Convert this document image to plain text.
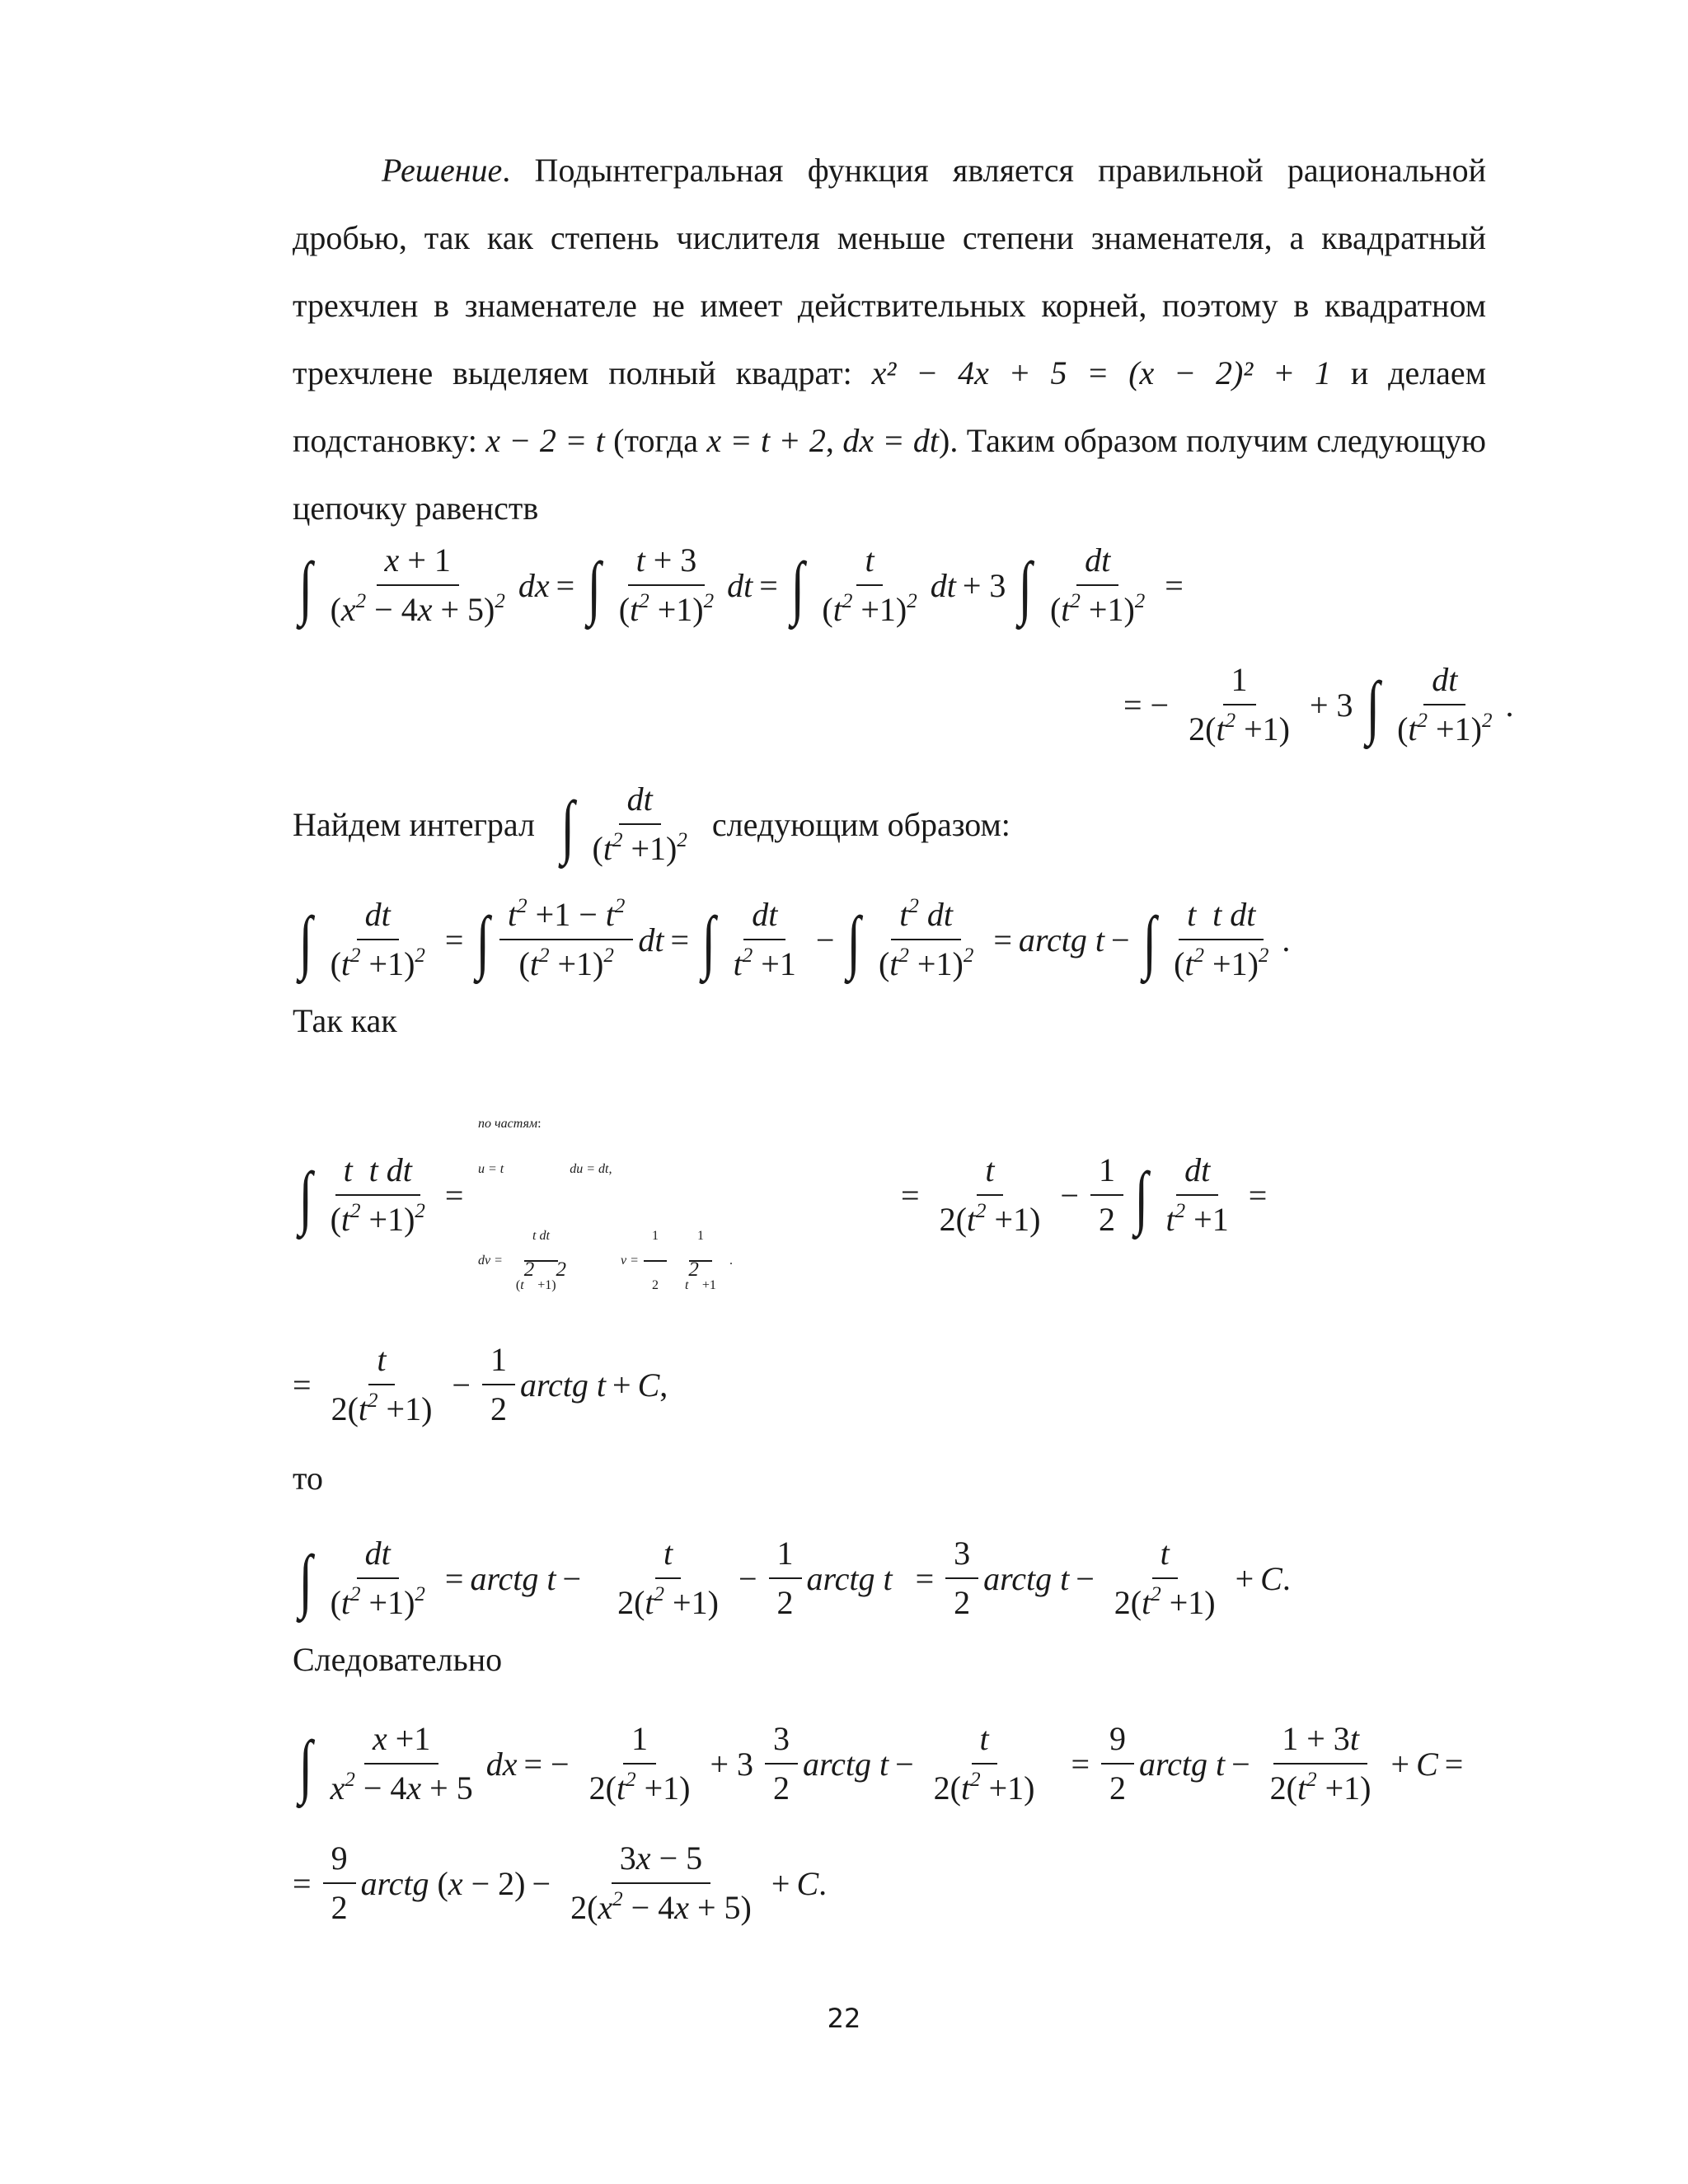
Решение. Подынтегральная функция является правильной рациональной дробью, так как степень числителя меньше степени знаменателя, а квадратный трехчлен в знаменателе не имеет действительных корней, поэтому в квадратном трехчлене выделяем полный квадрат: x² − 4x + 5 = (x − 2)² + 1 и делаем подстановку: x − 2 = t (тогда x = t + 2, dx = dt). Таким образом получим следующую цепочку равенств

∫ $\frac{x + 1}{(x^2 - 4x + 5)^2}$ dx = ∫ $\frac{t + 3}{(t^2 +1)^2}$ dt = ∫ $\frac{t}{(t^2 +1)^2}$ dt + 3 ∫ $\frac{dt}{(t^2 +1)^2}$ =
= − $\frac{1}{2(t^2 +1)} + 3$ ∫ $\frac{dt}{(t^2 +1)^2}$ .
Найдем интеграл ∫ $\frac{dt}{(t^2 +1)^2}$ следующим образом:
∫ $\frac{dt}{(t^2 +1)^2}$ = ∫ $\frac{t^2 +1 - t^2}{(t^2 +1)^2}$ dt = ∫ $\frac{dt}{t^2 +1}$ − ∫ $\frac{t^2 dt}{(t^2 +1)^2}$ = arctg t − ∫ $\frac{\text{t  t dt}}{(t^2 +1)^2}$ .
Так как
∫ $\frac{\text{t  t dt}}{(t^2 +1)^2}$ =
по частям :
u = t	du = dt,
dv = $\frac{\text{t dt}}{(t^2 +1)^2}$	$v = \frac{1}{2} \frac{1}{t^2 +1}$ .
= $\frac{t}{2(t^2 +1)} - \frac{1}{2}$ ∫ $\frac{dt}{t^2 +1}$ =
= $\frac{t}{2(t^2 +1)} - \frac{1}{2}$ arctg t + C ,
то
∫ $\frac{dt}{(t^2 +1)^2}$ = arctg $t - \frac{t}{2(t^2 +1)} - \frac{1}{2}$ arctg $t = \frac{3}{2}$ arctg $t - \frac{t}{2(t^2 +1)} + C$ .
Следовательно
∫ $\frac{x +1}{x^2 - 4x + 5}$ dx = − $\frac{1}{2(t^2 +1)} + 3 \frac{3}{2}$ arctg $t - \frac{t}{2(t^2 +1)} = \frac{9}{2}$ arctg $t - \frac{1 + 3t}{2(t^2 +1)} + C$ =
= $\frac{9}{2}$ arctg $(x - 2) - \frac{3x - 5}{2(x^2 - 4x + 5)} + C$ .
22
